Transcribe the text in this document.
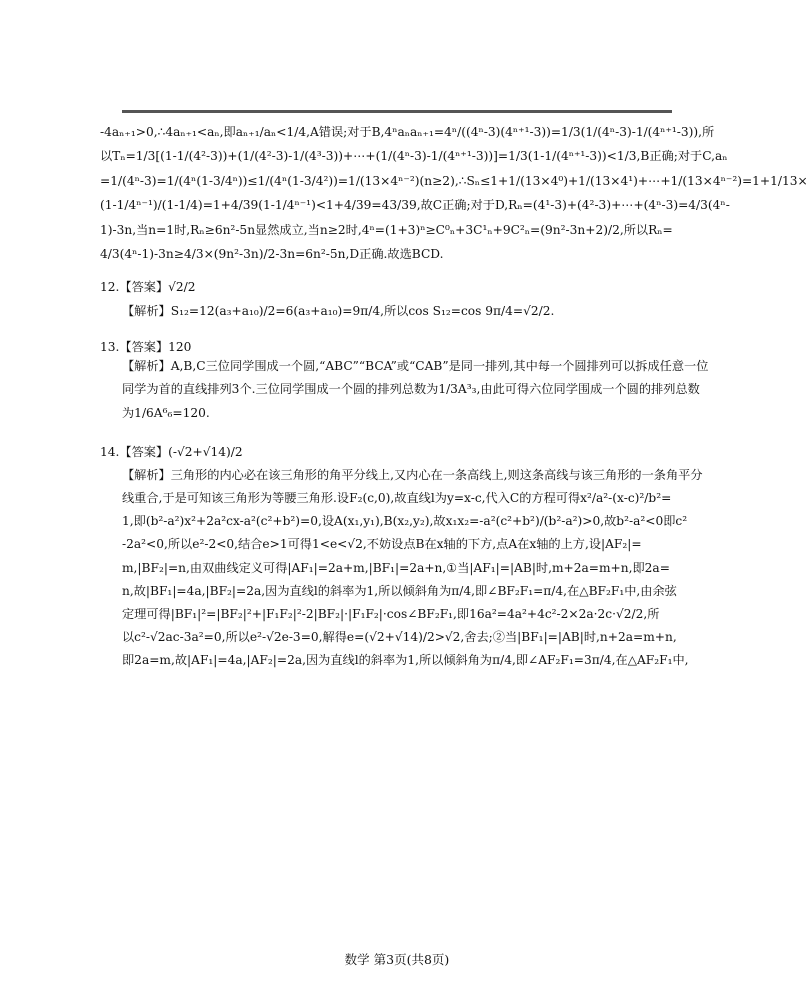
-4aₙ₊₁>0,∴4aₙ₊₁<aₙ,即aₙ₊₁/aₙ<1/4,A错误;对于B,4ⁿaₙaₙ₊₁=4ⁿ/((4ⁿ-3)(4ⁿ⁺¹-3))=1/3(1/(4ⁿ-3)-1/(4ⁿ⁺¹-3)),所
以Tₙ=1/3[(1-1/(4²-3))+(1/(4²-3)-1/(4³-3))+⋯+(1/(4ⁿ-3)-1/(4ⁿ⁺¹-3))]=1/3(1-1/(4ⁿ⁺¹-3))<1/3,B正确;对于C,aₙ
=1/(4ⁿ-3)=1/(4ⁿ(1-3/4ⁿ))≤1/(4ⁿ(1-3/4²))=1/(13×4ⁿ⁻²)(n≥2),∴Sₙ≤1+1/(13×4⁰)+1/(13×4¹)+⋯+1/(13×4ⁿ⁻²)=1+1/13×
(1-1/4ⁿ⁻¹)/(1-1/4)=1+4/39(1-1/4ⁿ⁻¹)<1+4/39=43/39,故C正确;对于D,Rₙ=(4¹-3)+(4²-3)+⋯+(4ⁿ-3)=4/3(4ⁿ-
1)-3n,当n=1时,Rₙ≥6n²-5n显然成立,当n≥2时,4ⁿ=(1+3)ⁿ≥C⁰ₙ+3C¹ₙ+9C²ₙ=(9n²-3n+2)/2,所以Rₙ=
4/3(4ⁿ-1)-3n≥4/3×(9n²-3n)/2-3n=6n²-5n,D正确.故选BCD.
12.【答案】√2/2
【解析】S₁₂=12(a₃+a₁₀)/2=6(a₃+a₁₀)=9π/4,所以cos S₁₂=cos 9π/4=√2/2.
13.【答案】120
【解析】A,B,C三位同学围成一个圆,“ABC”“BCA”或“CAB”是同一排列,其中每一个圆排列可以拆成任意一位
同学为首的直线排列3个.三位同学围成一个圆的排列总数为1/3A³₃,由此可得六位同学围成一个圆的排列总数
为1/6A⁶₆=120.
14.【答案】(-√2+√14)/2
【解析】三角形的内心必在该三角形的角平分线上,又内心在一条高线上,则这条高线与该三角形的一条角平分
线重合,于是可知该三角形为等腰三角形.设F₂(c,0),故直线l为y=x-c,代入C的方程可得x²/a²-(x-c)²/b²=
1,即(b²-a²)x²+2a²cx-a²(c²+b²)=0,设A(x₁,y₁),B(x₂,y₂),故x₁x₂=-a²(c²+b²)/(b²-a²)>0,故b²-a²<0即c²
-2a²<0,所以e²-2<0,结合e>1可得1<e<√2,不妨设点B在x轴的下方,点A在x轴的上方,设|AF₂|=
m,|BF₂|=n,由双曲线定义可得|AF₁|=2a+m,|BF₁|=2a+n,①当|AF₁|=|AB|时,m+2a=m+n,即2a=
n,故|BF₁|=4a,|BF₂|=2a,因为直线l的斜率为1,所以倾斜角为π/4,即∠BF₂F₁=π/4,在△BF₂F₁中,由余弦
定理可得|BF₁|²=|BF₂|²+|F₁F₂|²-2|BF₂|·|F₁F₂|·cos∠BF₂F₁,即16a²=4a²+4c²-2×2a·2c·√2/2,所
以c²-√2ac-3a²=0,所以e²-√2e-3=0,解得e=(√2+√14)/2>√2,舍去;②当|BF₁|=|AB|时,n+2a=m+n,
即2a=m,故|AF₁|=4a,|AF₂|=2a,因为直线l的斜率为1,所以倾斜角为π/4,即∠AF₂F₁=3π/4,在△AF₂F₁中,
数学 第3页(共8页)
